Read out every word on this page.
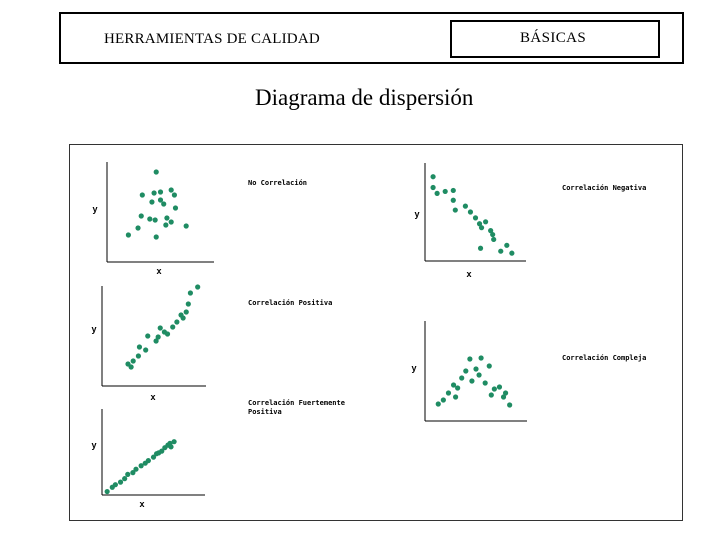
HERRAMIENTAS DE CALIDAD	BÁSICAS
Diagrama de dispersión
x
y
No Correlación
x
y
Correlación Negativa
x
y
Correlación Positiva
y
Correlación Compleja
x
y
Correlación Fuertemente Positiva
